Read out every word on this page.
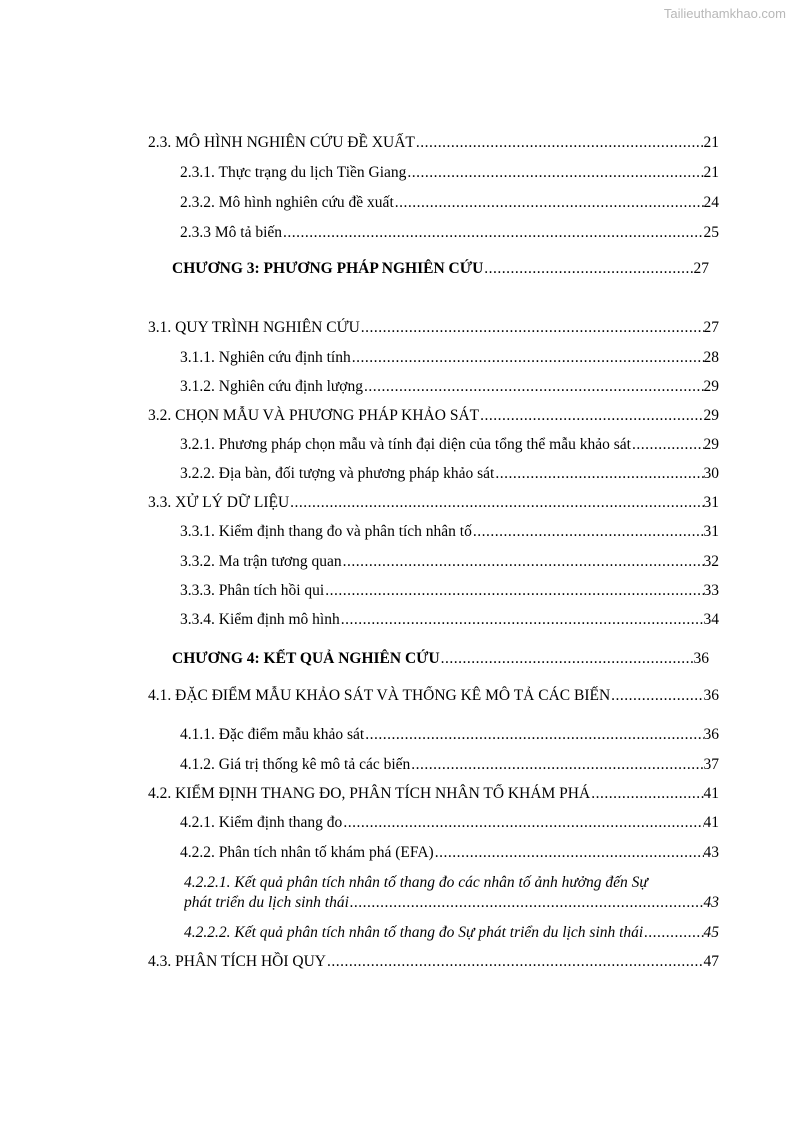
Tailieuthamkhao.com
2.3. MÔ HÌNH NGHIÊN CỨU ĐỀ XUẤT .....	21
2.3.1. Thực trạng du lịch Tiền Giang .....	21
2.3.2. Mô hình nghiên cứu đề xuất .....	24
2.3.3 Mô tả biến .....	25
CHƯƠNG 3: PHƯƠNG PHÁP NGHIÊN CỨU .....	27
3.1. QUY TRÌNH NGHIÊN CỨU .....	27
3.1.1. Nghiên cứu định tính .....	28
3.1.2. Nghiên cứu định lượng .....	29
3.2. CHỌN MẪU VÀ PHƯƠNG PHÁP KHẢO SÁT .....	29
3.2.1. Phương pháp chọn mẫu và tính đại diện của tổng thể mẫu khảo sát .....	29
3.2.2. Địa bàn, đối tượng và phương pháp khảo sát .....	30
3.3. XỬ LÝ DỮ LIỆU .....	31
3.3.1. Kiểm định thang đo và phân tích nhân tố .....	31
3.3.2. Ma trận tương quan .....	32
3.3.3. Phân tích hồi qui .....	33
3.3.4. Kiểm định mô hình .....	34
CHƯƠNG 4: KẾT QUẢ NGHIÊN CỨU .....	36
4.1. ĐẶC ĐIỂM MẪU KHẢO SÁT VÀ THỐNG KÊ MÔ TẢ CÁC BIẾN .....	36
4.1.1. Đặc điểm mẫu khảo sát .....	36
4.1.2. Giá trị thống kê mô tả các biến .....	37
4.2. KIỂM ĐỊNH THANG ĐO, PHÂN TÍCH NHÂN TỐ KHÁM PHÁ .....	41
4.2.1. Kiểm định thang đo .....	41
4.2.2. Phân tích nhân tố khám phá (EFA) .....	43
4.2.2.1. Kết quả phân tích nhân tố thang đo các nhân tố ảnh hưởng đến Sự
phát triển du lịch sinh thái .....	43
4.2.2.2. Kết quả phân tích nhân tố thang đo Sự phát triển du lịch sinh thái .....	45
4.3. PHÂN TÍCH HỒI QUY .....	47
